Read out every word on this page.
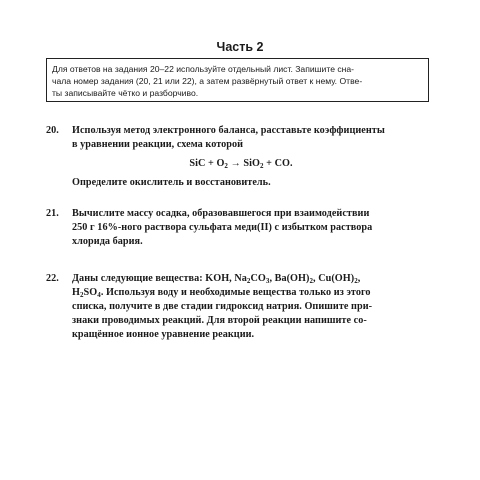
Часть 2
Для ответов на задания 20–22 используйте отдельный лист. Запишите сна-
чала номер задания (20, 21 или 22), а затем развёрнутый ответ к нему. Отве-
ты записывайте чётко и разборчиво.
20. Используя метод электронного баланса, расставьте коэффициенты
в уравнении реакции, схема которой
SiC + $O_2 \to SiO_2$ + CO.
Определите окислитель и восстановитель.
21. Вычислите массу осадка, образовавшегося при взаимодействии
250 г 16%-ного раствора сульфата меди(II) с избытком раствора
хлорида бария.
22. Даны следующие вещества: KOH, $Na_2CO_3$, $Ba(OH)_2$, $Cu(OH)_2$,
$H_2SO_4$. Используя воду и необходимые вещества только из этого
списка, получите в две стадии гидроксид натрия. Опишите при-
знаки проводимых реакций. Для второй реакции напишите со-
кращённое ионное уравнение реакции.
